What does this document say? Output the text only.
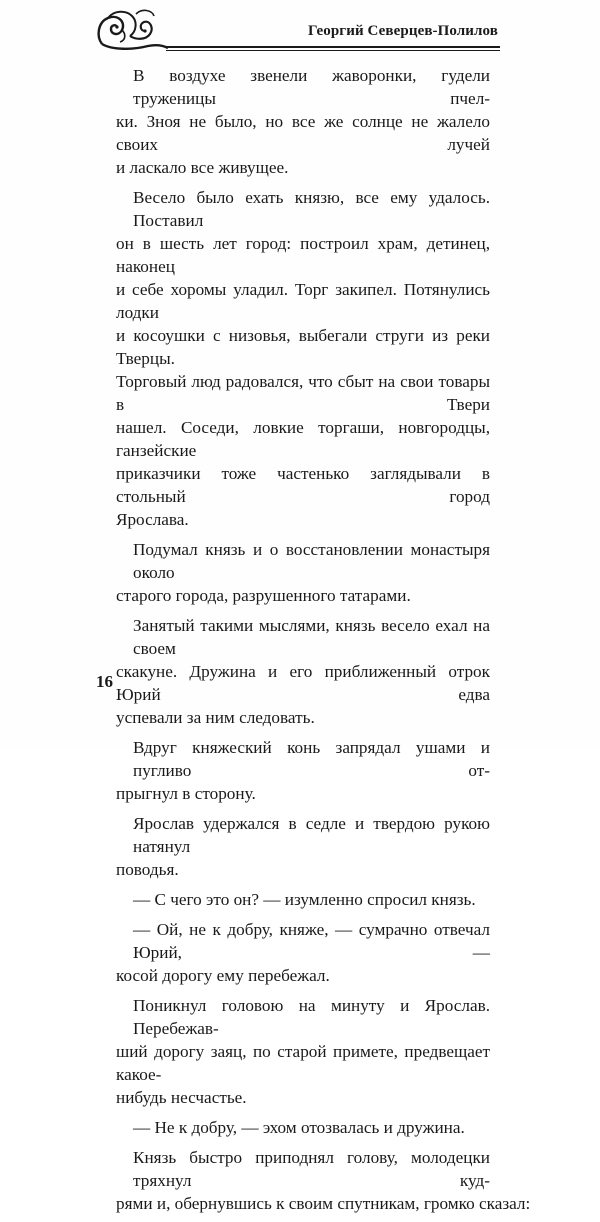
Георгий Северцев-Полилов
В воздухе звенели жаворонки, гудели труженицы пчел-
ки. Зноя не было, но все же солнце не жалело своих лучей
и ласкало все живущее.
Весело было ехать князю, все ему удалось. Поставил
он в шесть лет город: построил храм, детинец, наконец
и себе хоромы уладил. Торг закипел. Потянулись лодки
и косоушки с низовья, выбегали струги из реки Тверцы.
Торговый люд радовался, что сбыт на свои товары в Твери
нашел. Соседи, ловкие торгаши, новгородцы, ганзейские
приказчики тоже частенько заглядывали в стольный город
Ярослава.
Подумал князь и о восстановлении монастыря около
старого города, разрушенного татарами.
Занятый такими мыслями, князь весело ехал на своем
скакуне. Дружина и его приближенный отрок Юрий едва
успевали за ним следовать.
Вдруг княжеский конь запрядал ушами и пугливо от-
прыгнул в сторону.
Ярослав удержался в седле и твердою рукою натянул
поводья.
— С чего это он? — изумленно спросил князь.
— Ой, не к добру, княже, — сумрачно отвечал Юрий, —
косой дорогу ему перебежал.
Поникнул головою на минуту и Ярослав. Перебежав-
ший дорогу заяц, по старой примете, предвещает какое-
нибудь несчастье.
— Не к добру, — эхом отозвалась и дружина.
Князь быстро приподнял голову, молодецки тряхнул куд-
рями и, обернувшись к своим спутникам, громко сказал:
16
